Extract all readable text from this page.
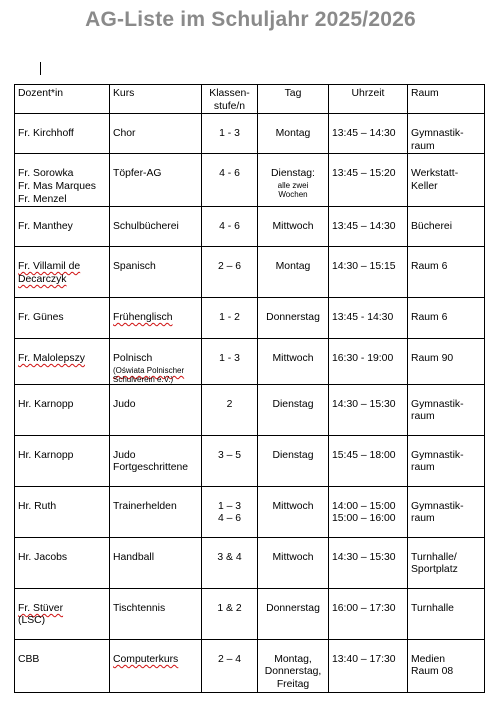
AG-Liste im Schuljahr 2025/2026
Dozent*in	Kurs	Klassen-
stufe/n	Tag	Uhrzeit	Raum

Fr. Kirchhoff	Chor	1 - 3	Montag	13:45 – 14:30	Gymnastik-
raum

Fr. Sorowka
Fr. Mas Marques
Fr. Menzel	Töpfer-AG	4 - 6	Dienstag:
alle zwei
Wochen	13:45 – 15:20	Werkstatt-
Keller

Fr. Manthey	Schulbücherei	4 - 6	Mittwoch	13:45 – 14:30	Bücherei

Fr. Villamil de
Decarczyk	Spanisch	2 – 6	Montag	14:30 – 15:15	Raum 6

Fr. Günes	Frühenglisch	1 - 2	Donnerstag	13:45 - 14:30	Raum 6

Fr. Malolepszy	Polnisch
(Oświata Polnischer
Schulverein e.V.)	1 - 3	Mittwoch	16:30 - 19:00	Raum 90

Hr. Karnopp	Judo	2	Dienstag	14:30 – 15:30	Gymnastik-
raum

Hr. Karnopp	Judo
Fortgeschrittene	3 – 5	Dienstag	15:45 – 18:00	Gymnastik-
raum

Hr. Ruth	Trainerhelden	1 – 3
4 – 6	Mittwoch	14:00 – 15:00
15:00 – 16:00	Gymnastik-
raum

Hr. Jacobs	Handball	3 & 4	Mittwoch	14:30 – 15:30	Turnhalle/
Sportplatz

Fr. Stüver
(LSC)	Tischtennis	1 & 2	Donnerstag	16:00 – 17:30	Turnhalle

CBB	Computerkurs	2 – 4	Montag,
Donnerstag,
Freitag	13:40 – 17:30	Medien
Raum 08
